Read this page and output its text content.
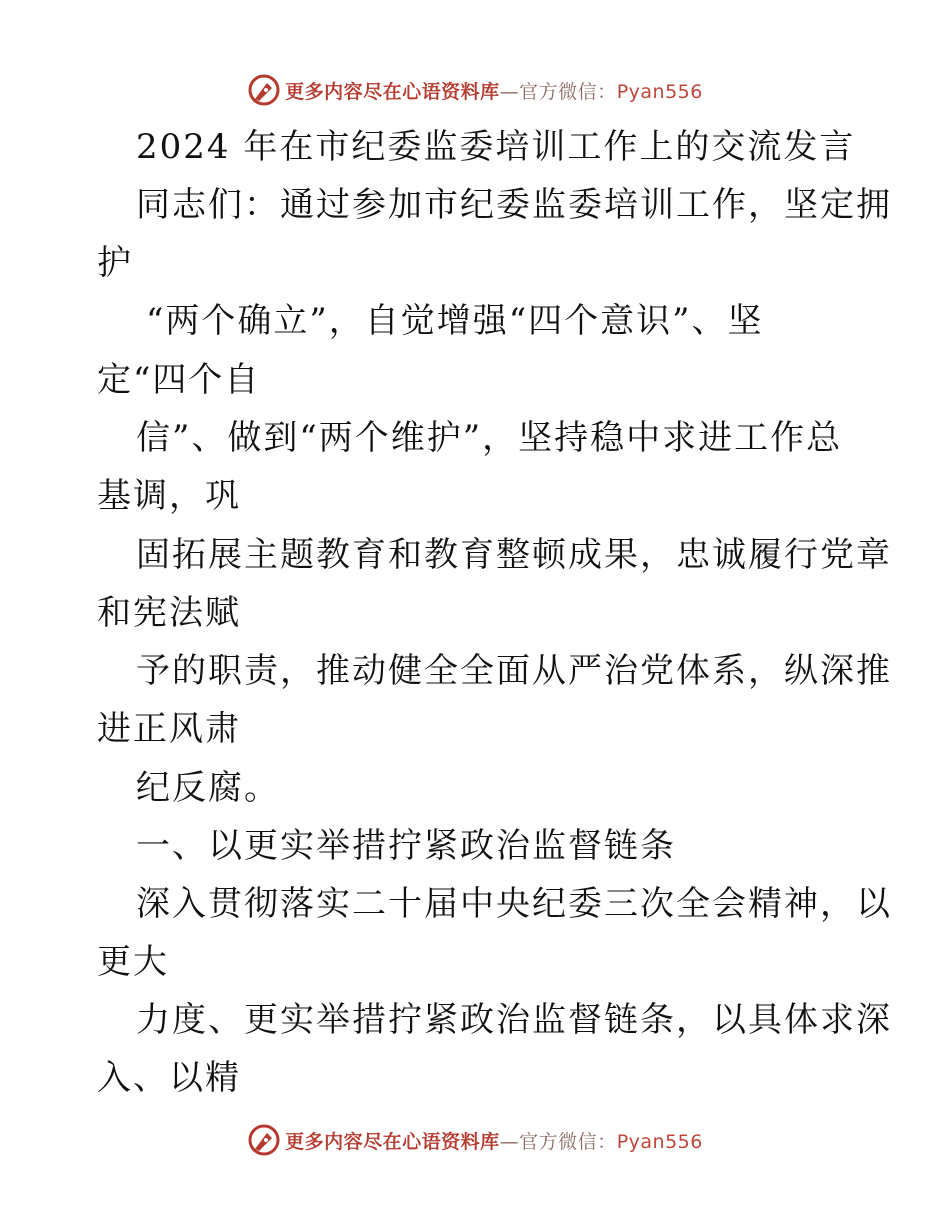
更多内容尽在心语资料库—官方微信：Pyan556
2024 年在市纪委监委培训工作上的交流发言
同志们：通过参加市纪委监委培训工作，坚定拥
护
“两个确立”，自觉增强“四个意识”、坚
定“四个自
信”、做到“两个维护”，坚持稳中求进工作总
基调，巩
固拓展主题教育和教育整顿成果，忠诚履行党章
和宪法赋
予的职责，推动健全全面从严治党体系，纵深推
进正风肃
纪反腐。
一、以更实举措拧紧政治监督链条
深入贯彻落实二十届中央纪委三次全会精神，以
更大
力度、更实举措拧紧政治监督链条，以具体求深
入、以精
更多内容尽在心语资料库—官方微信：Pyan556
